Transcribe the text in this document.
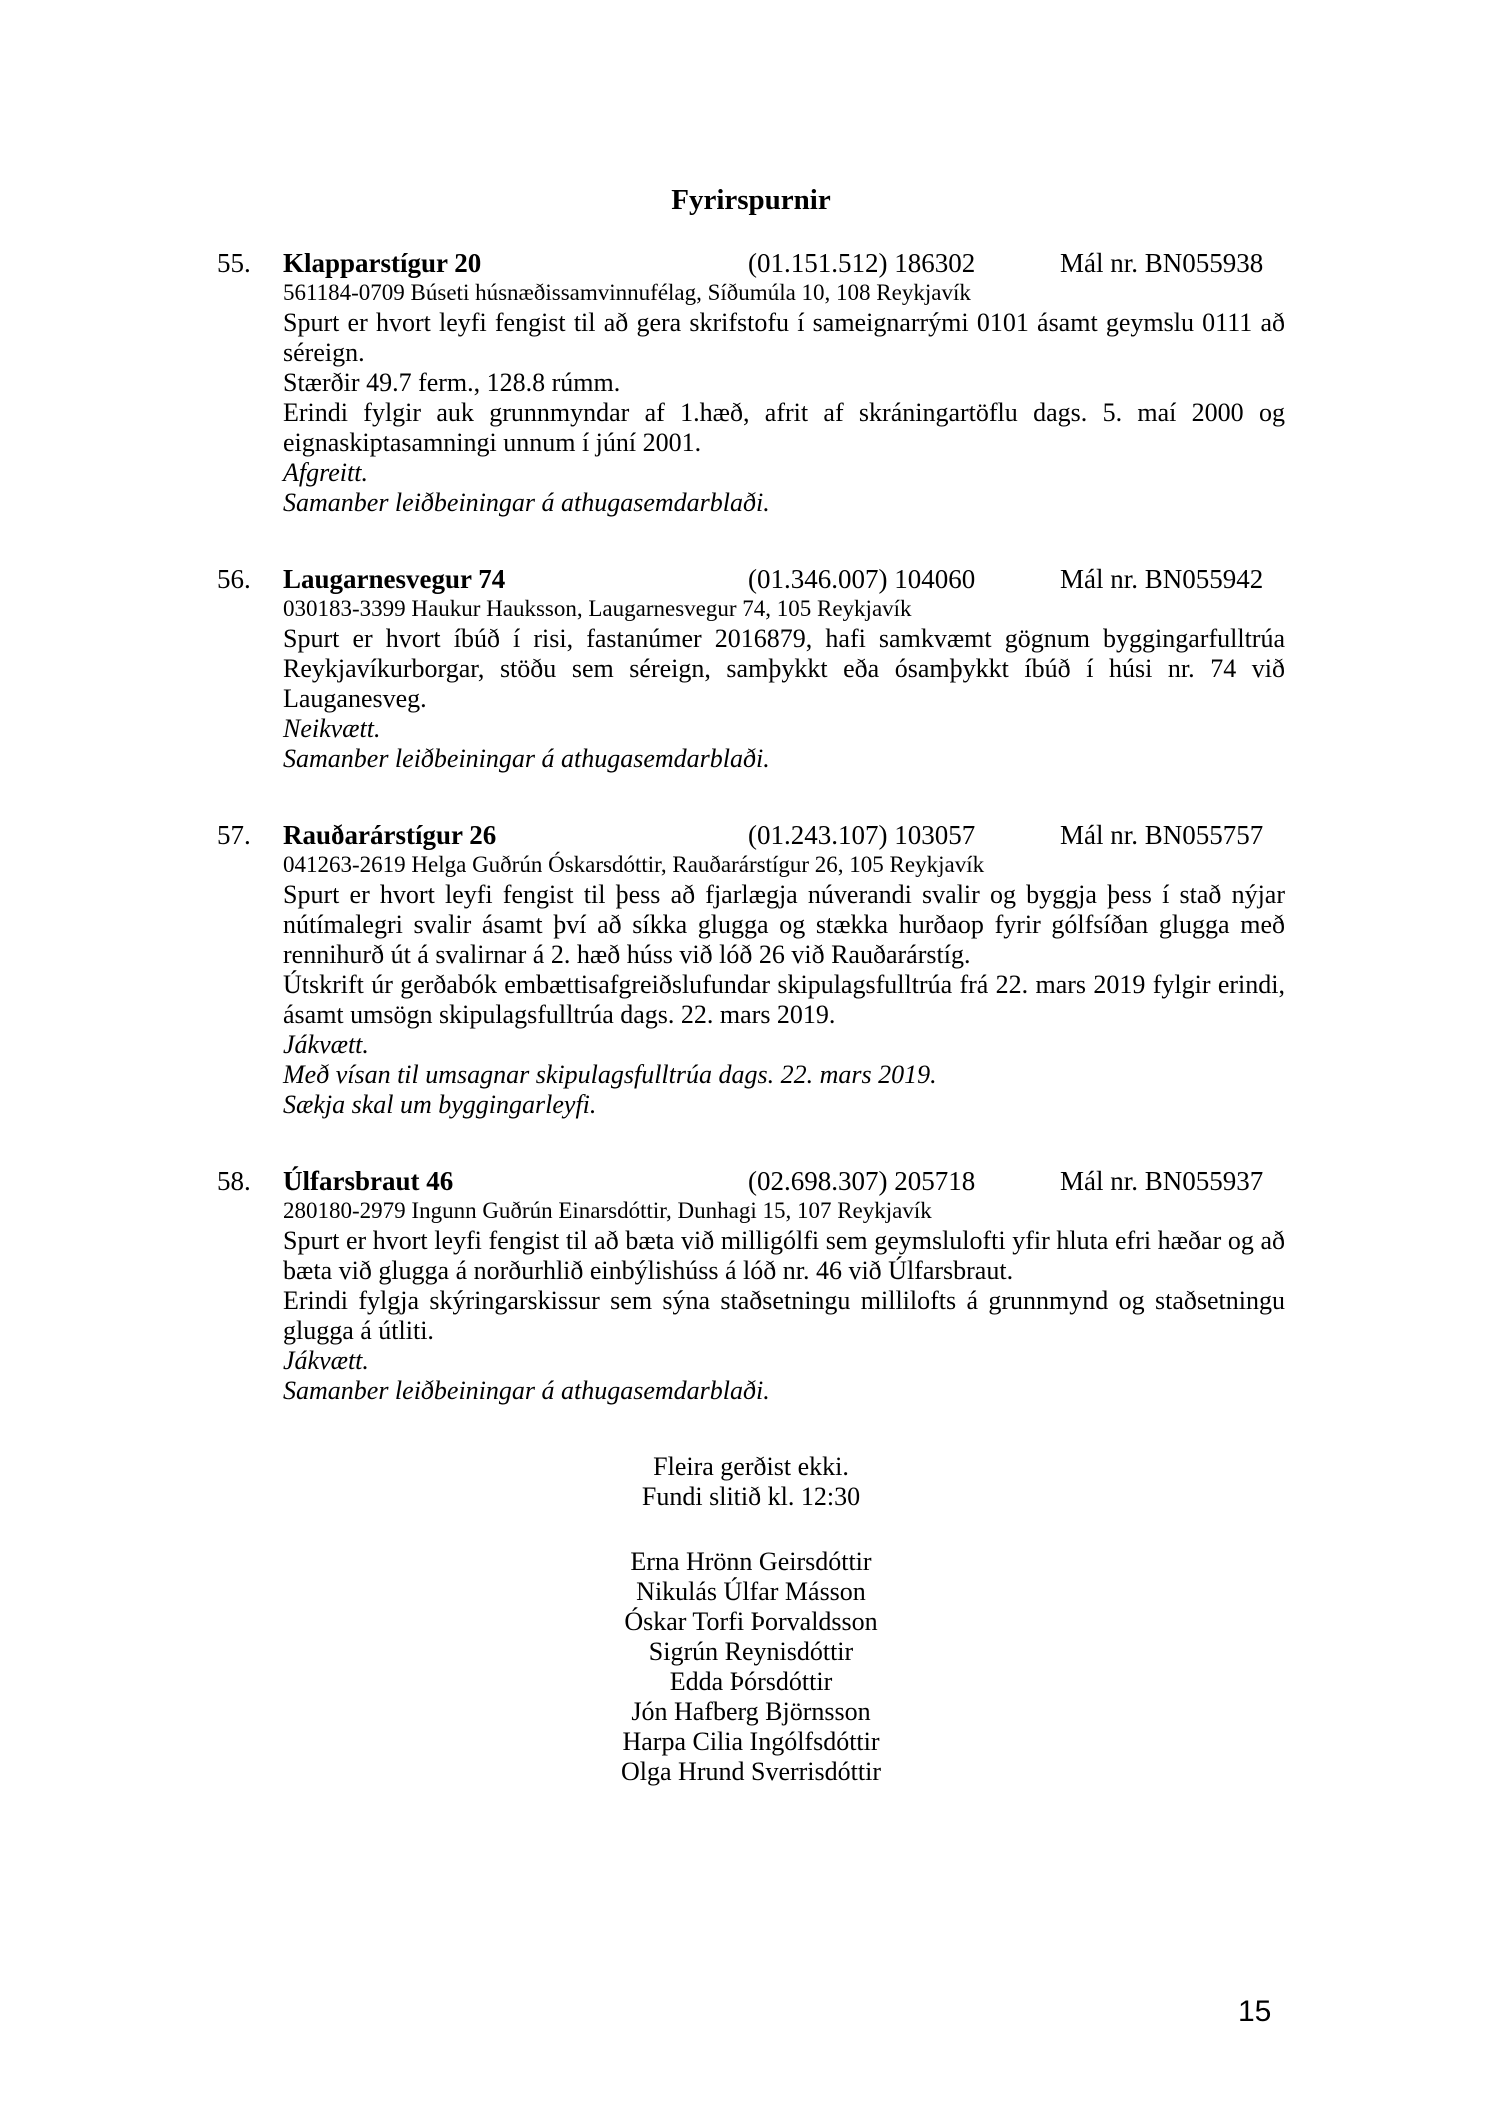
Fyrirspurnir
55. Klapparstígur 20	(01.151.512) 186302	Mál nr. BN055938
561184-0709 Búseti húsnæðissamvinnufélag, Síðumúla 10, 108 Reykjavík

Spurt er hvort leyfi fengist til að gera skrifstofu í sameignarrými 0101 ásamt geymslu 0111 að séreign.

Stærðir 49.7 ferm., 128.8 rúmm.

Erindi fylgir auk grunnmyndar af 1.hæð, afrit af skráningartöflu dags. 5. maí 2000 og eignaskiptasamningi unnum í júní 2001.

Afgreitt.
Samanber leiðbeiningar á athugasemdarblaði.
56. Laugarnesvegur 74	(01.346.007) 104060	Mál nr. BN055942
030183-3399 Haukur Hauksson, Laugarnesvegur 74, 105 Reykjavík

Spurt er hvort íbúð í risi, fastanúmer 2016879, hafi samkvæmt gögnum byggingarfulltrúa Reykjavíkurborgar, stöðu sem séreign, samþykkt eða ósamþykkt íbúð í húsi nr. 74 við Lauganesveg.

Neikvætt.
Samanber leiðbeiningar á athugasemdarblaði.
57. Rauðarárstígur 26	(01.243.107) 103057	Mál nr. BN055757
041263-2619 Helga Guðrún Óskarsdóttir, Rauðarárstígur 26, 105 Reykjavík

Spurt er hvort leyfi fengist til þess að fjarlægja núverandi svalir og byggja þess í stað nýjar nútímalegri svalir ásamt því að síkka glugga og stækka hurðaop fyrir gólfsíðan glugga með rennihurð út á svalirnar á 2. hæð húss við lóð 26 við Rauðarárstíg.

Útskrift úr gerðabók embættisafgreiðslufundar skipulagsfulltrúa frá 22. mars 2019 fylgir erindi, ásamt umsögn skipulagsfulltrúa dags. 22. mars 2019.

Jákvætt.
Með vísan til umsagnar skipulagsfulltrúa dags. 22. mars 2019.
Sækja skal um byggingarleyfi.
58. Úlfarsbraut 46	(02.698.307) 205718	Mál nr. BN055937
280180-2979 Ingunn Guðrún Einarsdóttir, Dunhagi 15, 107 Reykjavík

Spurt er hvort leyfi fengist til að bæta við milligólfi sem geymslulofti yfir hluta efri hæðar og að bæta við glugga á norðurhlið einbýlishúss á lóð nr. 46 við Úlfarsbraut.

Erindi fylgja skýringarskissur sem sýna staðsetningu millilofts á grunnmynd og staðsetningu glugga á útliti.

Jákvætt.
Samanber leiðbeiningar á athugasemdarblaði.
Fleira gerðist ekki.
Fundi slitið kl. 12:30
Erna Hrönn Geirsdóttir
Nikulás Úlfar Másson
Óskar Torfi Þorvaldsson
Sigrún Reynisdóttir
Edda Þórsdóttir
Jón Hafberg Björnsson
Harpa Cilia Ingólfsdóttir
Olga Hrund Sverrisdóttir
15
